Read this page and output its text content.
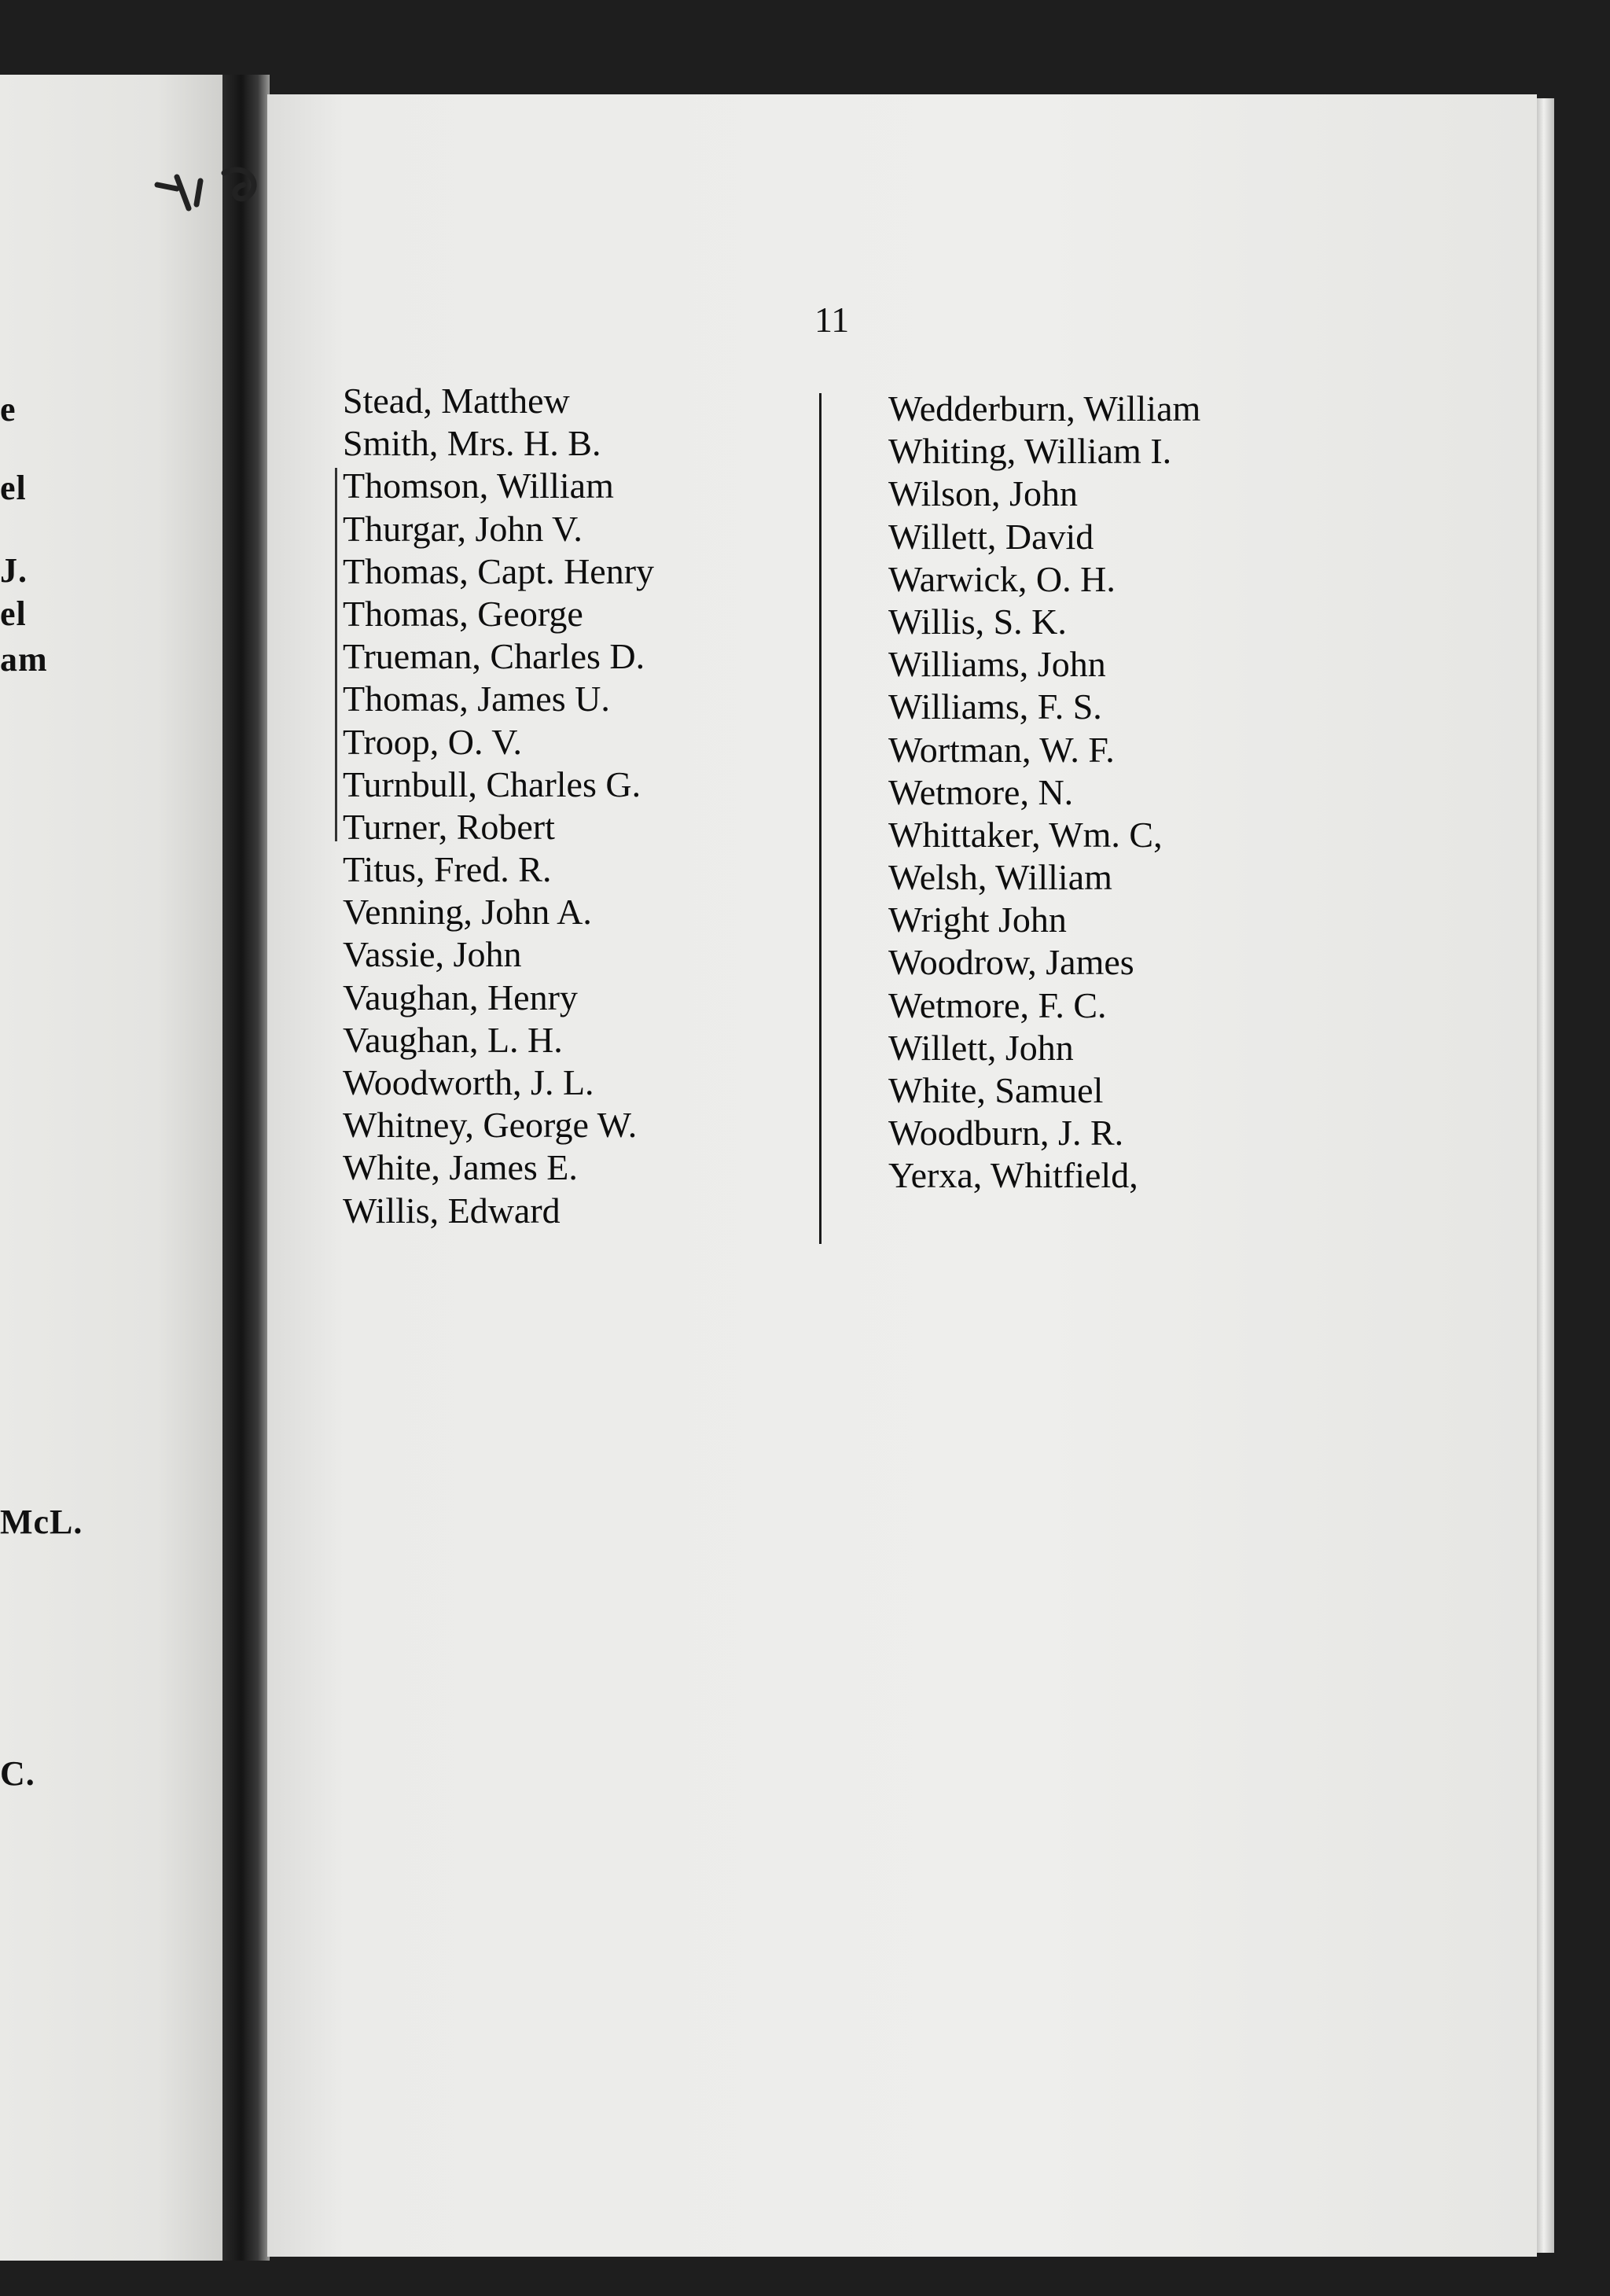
e
el
J.
el
am
McL.
C.
11
Stead, Matthew
Smith, Mrs. H. B.
Thomson, William
Thurgar, John V.
Thomas, Capt. Henry
Thomas, George
Trueman, Charles D.
Thomas, James U.
Troop, O. V.
Turnbull, Charles G.
Turner, Robert
Titus, Fred. R.
Venning, John A.
Vassie, John
Vaughan, Henry
Vaughan, L. H.
Woodworth, J. L.
Whitney, George W.
White, James E.
Willis, Edward
Wedderburn, William
Whiting, William I.
Wilson, John
Willett, David
Warwick, O. H.
Willis, S. K.
Williams, John
Williams, F. S.
Wortman, W. F.
Wetmore, N.
Whittaker, Wm. C,
Welsh, William
Wright John
Woodrow, James
Wetmore, F. C.
Willett, John
White, Samuel
Woodburn, J. R.
Yerxa, Whitfield,
